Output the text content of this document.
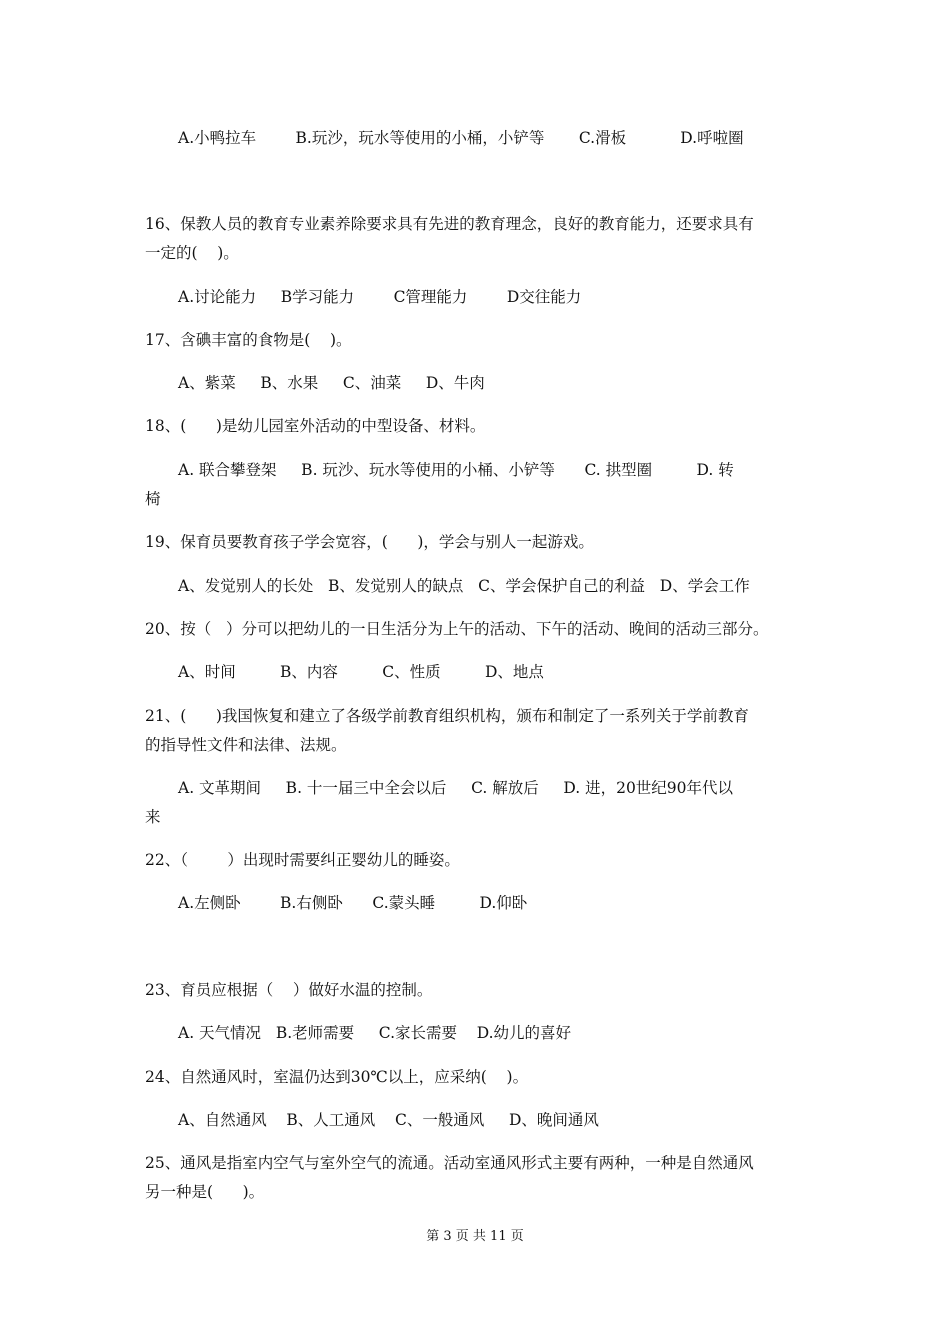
A.小鸭拉车        B.玩沙，玩水等使用的小桶，小铲等       C.滑板           D.呼啦圈

16、保教人员的教育专业素养除要求具有先进的教育理念，良好的教育能力，还要求具有

一定的(    )。

A.讨论能力     B学习能力        C管理能力        D交往能力

17、含碘丰富的食物是(    )。

A、紫菜     B、水果     C、油菜     D、牛肉

18、(      )是幼儿园室外活动的中型设备、材料。

A. 联合攀登架     B. 玩沙、玩水等使用的小桶、小铲等      C. 拱型圈         D. 转

椅

19、保育员要教育孩子学会宽容，(      )，学会与别人一起游戏。

A、发觉别人的长处   B、发觉别人的缺点   C、学会保护自己的利益   D、学会工作

20、按（   ）分可以把幼儿的一日生活分为上午的活动、下午的活动、晚间的活动三部分。

A、时间         B、内容         C、性质         D、地点

21、(      )我国恢复和建立了各级学前教育组织机构，颁布和制定了一系列关于学前教育

的指导性文件和法律、法规。

A. 文革期间     B. 十一届三中全会以后     C. 解放后     D. 进，20世纪90年代以

来

22、（        ）出现时需要纠正婴幼儿的睡姿。

A.左侧卧        B.右侧卧      C.蒙头睡         D.仰卧

23、育员应根据（    ）做好水温的控制。

A. 天气情况   B.老师需要     C.家长需要    D.幼儿的喜好

24、自然通风时，室温仍达到30℃以上，应采纳(    )。

A、自然通风    B、人工通风    C、一般通风     D、晚间通风

25、通风是指室内空气与室外空气的流通。活动室通风形式主要有两种，一种是自然通风

另一种是(      )。

第 3 页 共 11 页
